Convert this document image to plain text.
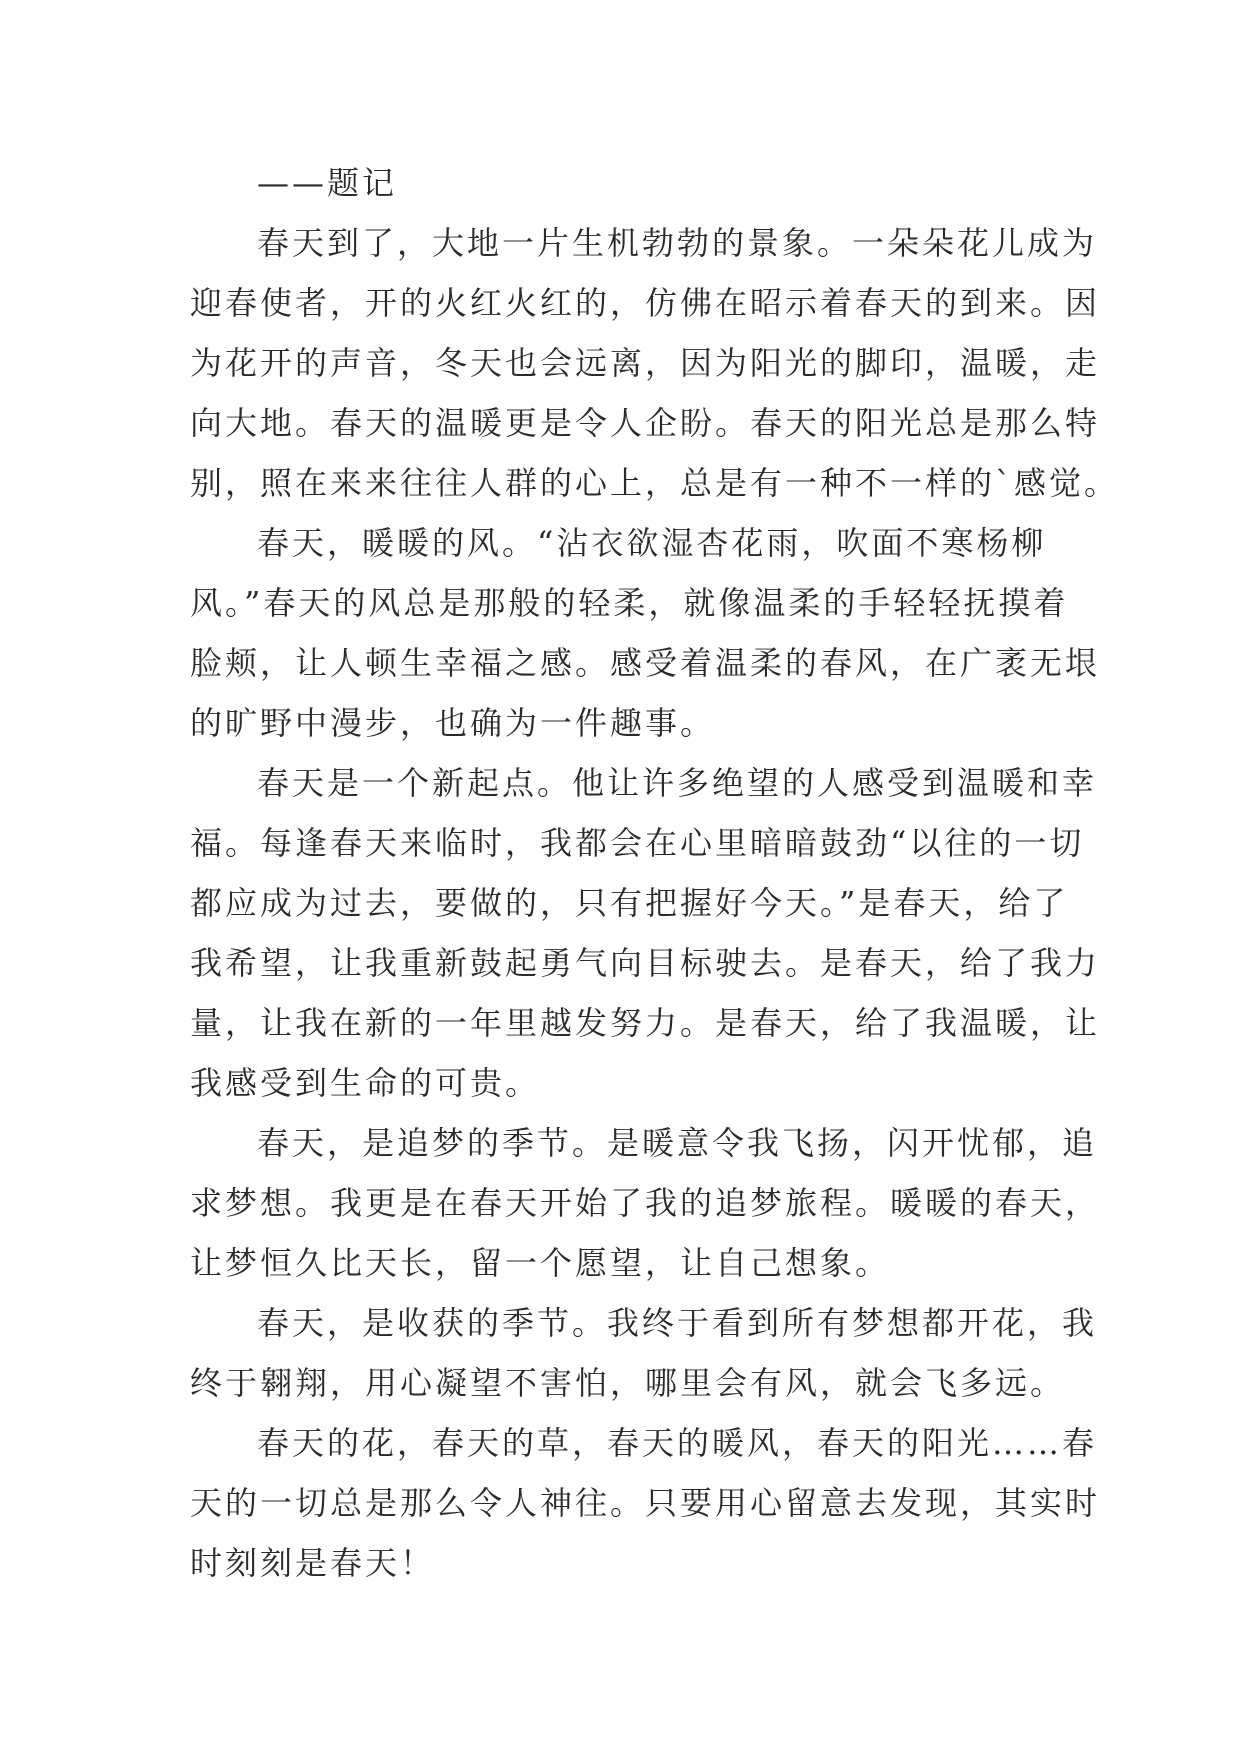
——题记

春天到了，大地一片生机勃勃的景象。一朵朵花儿成为

迎春使者，开的火红火红的，仿佛在昭示着春天的到来。因

为花开的声音，冬天也会远离，因为阳光的脚印，温暖，走

向大地。春天的温暖更是令人企盼。春天的阳光总是那么特

别，照在来来往往人群的心上，总是有一种不一样的`感觉。

春天，暖暖的风。“沾衣欲湿杏花雨，吹面不寒杨柳

风。”春天的风总是那般的轻柔，就像温柔的手轻轻抚摸着

脸颊，让人顿生幸福之感。感受着温柔的春风，在广袤无垠

的旷野中漫步，也确为一件趣事。

春天是一个新起点。他让许多绝望的人感受到温暖和幸

福。每逢春天来临时，我都会在心里暗暗鼓劲“以往的一切

都应成为过去，要做的，只有把握好今天。”是春天，给了

我希望，让我重新鼓起勇气向目标驶去。是春天，给了我力

量，让我在新的一年里越发努力。是春天，给了我温暖，让

我感受到生命的可贵。

春天，是追梦的季节。是暖意令我飞扬，闪开忧郁，追

求梦想。我更是在春天开始了我的追梦旅程。暖暖的春天，

让梦恒久比天长，留一个愿望，让自己想象。

春天，是收获的季节。我终于看到所有梦想都开花，我

终于翱翔，用心凝望不害怕，哪里会有风，就会飞多远。

春天的花，春天的草，春天的暖风，春天的阳光……春

天的一切总是那么令人神往。只要用心留意去发现，其实时

时刻刻是春天！
